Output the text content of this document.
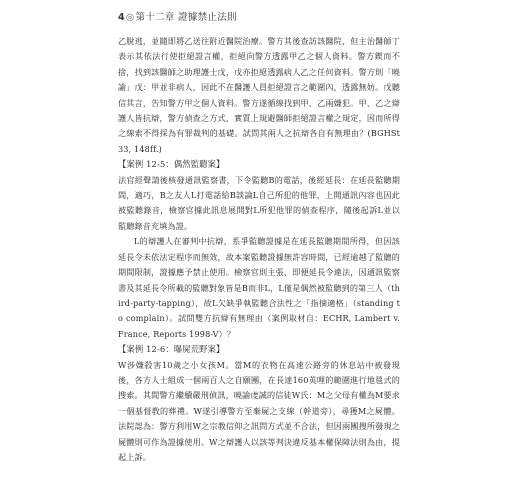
4◎第十二章 證據禁止法則

乙脫逃，並隨即將乙送往附近醫院治療。警方其後查訪該醫院，但主治醫師丁表示其依法行使拒絕證言權，拒絕向警方透露甲乙之個人資料。警方鍥而不捨，找到該醫師之助理護士戊，戊亦拒絕透露病人乙之任何資料。警方則「曉諭」戊：甲並非病人，因此不在醫護人員拒絕證言之範圍內，透露無妨。戊聽信其言，告知警方甲之個人資料。警方遂循線找到甲、乙兩嫌犯。甲、乙之辯護人皆抗辯，警方偵查之方式，實質上規避醫師拒絕證言權之規定，因而所得之線索不得採為有罪裁判的基礎。試問其兩人之抗辯各自有無理由？(BGHSt33, 148ff.)

【案例 12-5：偶然監聽案】

法官經聲請後核發通訊監察書，下令監聽B的電話，後經延長：在延長監聽期間，適巧，B之友人L打電話給B談論L自己所犯的他罪，上開通訊內容也因此被監聽錄音，檢察官據此訊息展開對L所犯他罪的偵查程序，隨後起訴L並以監聽錄音充填為證。

L的辯護人在審判中抗辯，系爭監聽證據是在延長監聽期間所得，但因該延長令未依法定程序而無效，故本案監聽證據無許容時間，已經逾越了監聽的期間限制，證據應予禁止使用。檢察官則主張，即便延長令違法，因通訊監察書及其延長令所載的監聽對象皆是B而非L，L僅是偶然被監聽到的第三人（third-party-tapping），故L欠缺爭執監聽合法性之「指摘適格」（standing to complain）。試問雙方抗辯有無理由（案例取材自：ECHR, Lambert v. France, Reports 1998-V）？

【案例 12-6：曝屍荒野案】

W涉嫌殺害10歲之小女孩M。當M的衣物在高速公路旁的休息站中被發現後，各方人士組成一個兩百人之自願團，在長達160英哩的範圍進行地毯式的搜索。其間警方繼續嚴刑偵訊，曉諭虔誠的信徒W氏：M之父母有權為M要求一個基督教的葬禮。W遂引導警方至棄屍之支線（幹道旁），尋獲M之屍體。法院認為：警方利用W之宗教信仰之訊問方式並不合法，但因兩團搜所發現之屍體則可作為證據使用。W之辯護人以該等判決違反基本權保障法則為由，提起上訴。
